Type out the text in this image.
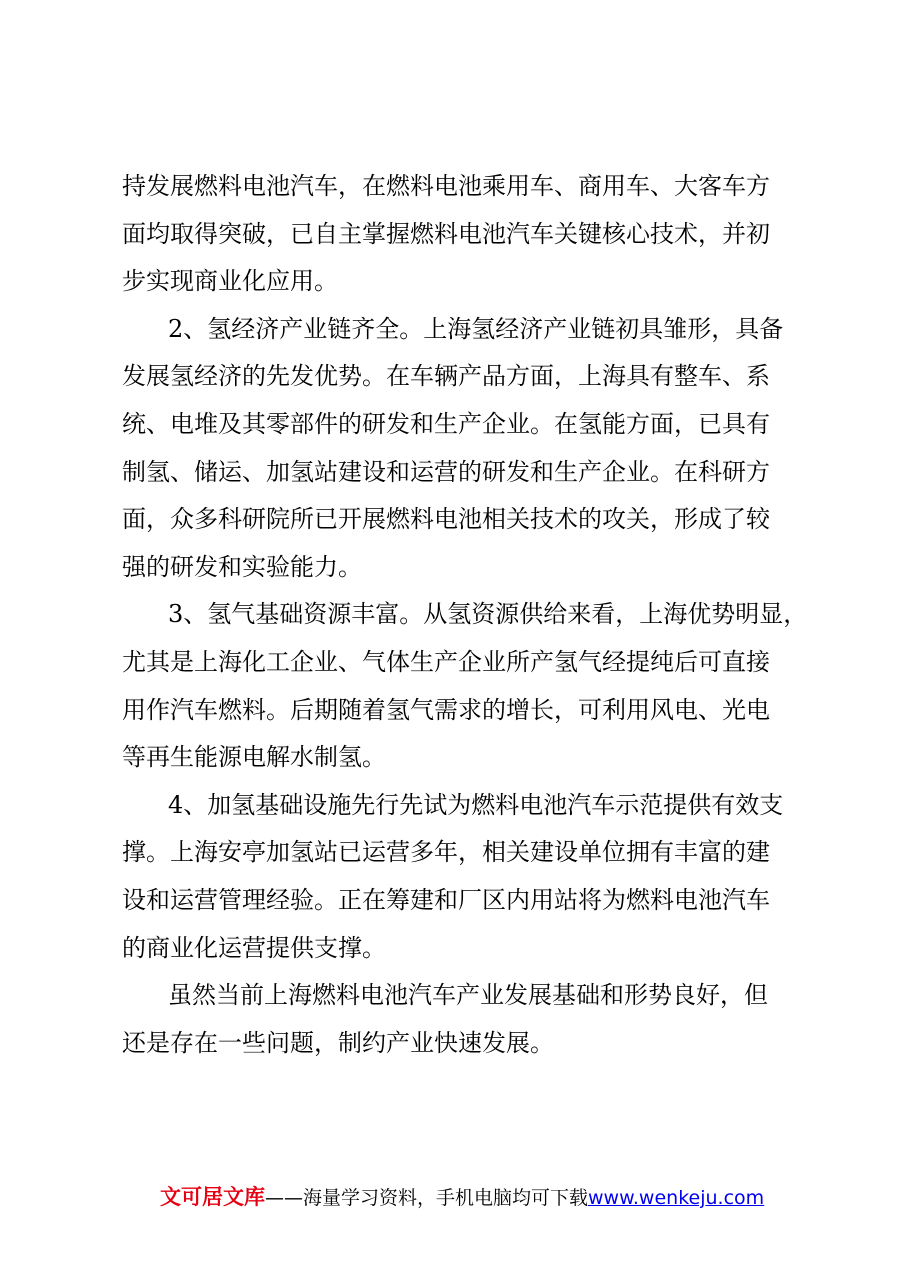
持发展燃料电池汽车，在燃料电池乘用车、商用车、大客车方
面均取得突破，已自主掌握燃料电池汽车关键核心技术，并初
步实现商业化应用。
2、氢经济产业链齐全。上海氢经济产业链初具雏形，具备
发展氢经济的先发优势。在车辆产品方面，上海具有整车、系
统、电堆及其零部件的研发和生产企业。在氢能方面，已具有
制氢、储运、加氢站建设和运营的研发和生产企业。在科研方
面，众多科研院所已开展燃料电池相关技术的攻关，形成了较
强的研发和实验能力。
3、氢气基础资源丰富。从氢资源供给来看，上海优势明显，
尤其是上海化工企业、气体生产企业所产氢气经提纯后可直接
用作汽车燃料。后期随着氢气需求的增长，可利用风电、光电
等再生能源电解水制氢。
4、加氢基础设施先行先试为燃料电池汽车示范提供有效支
撑。上海安亭加氢站已运营多年，相关建设单位拥有丰富的建
设和运营管理经验。正在筹建和厂区内用站将为燃料电池汽车
的商业化运营提供支撑。
虽然当前上海燃料电池汽车产业发展基础和形势良好，但
还是存在一些问题，制约产业快速发展。
文可居文库——海量学习资料，手机电脑均可下载www.wenkeju.com
